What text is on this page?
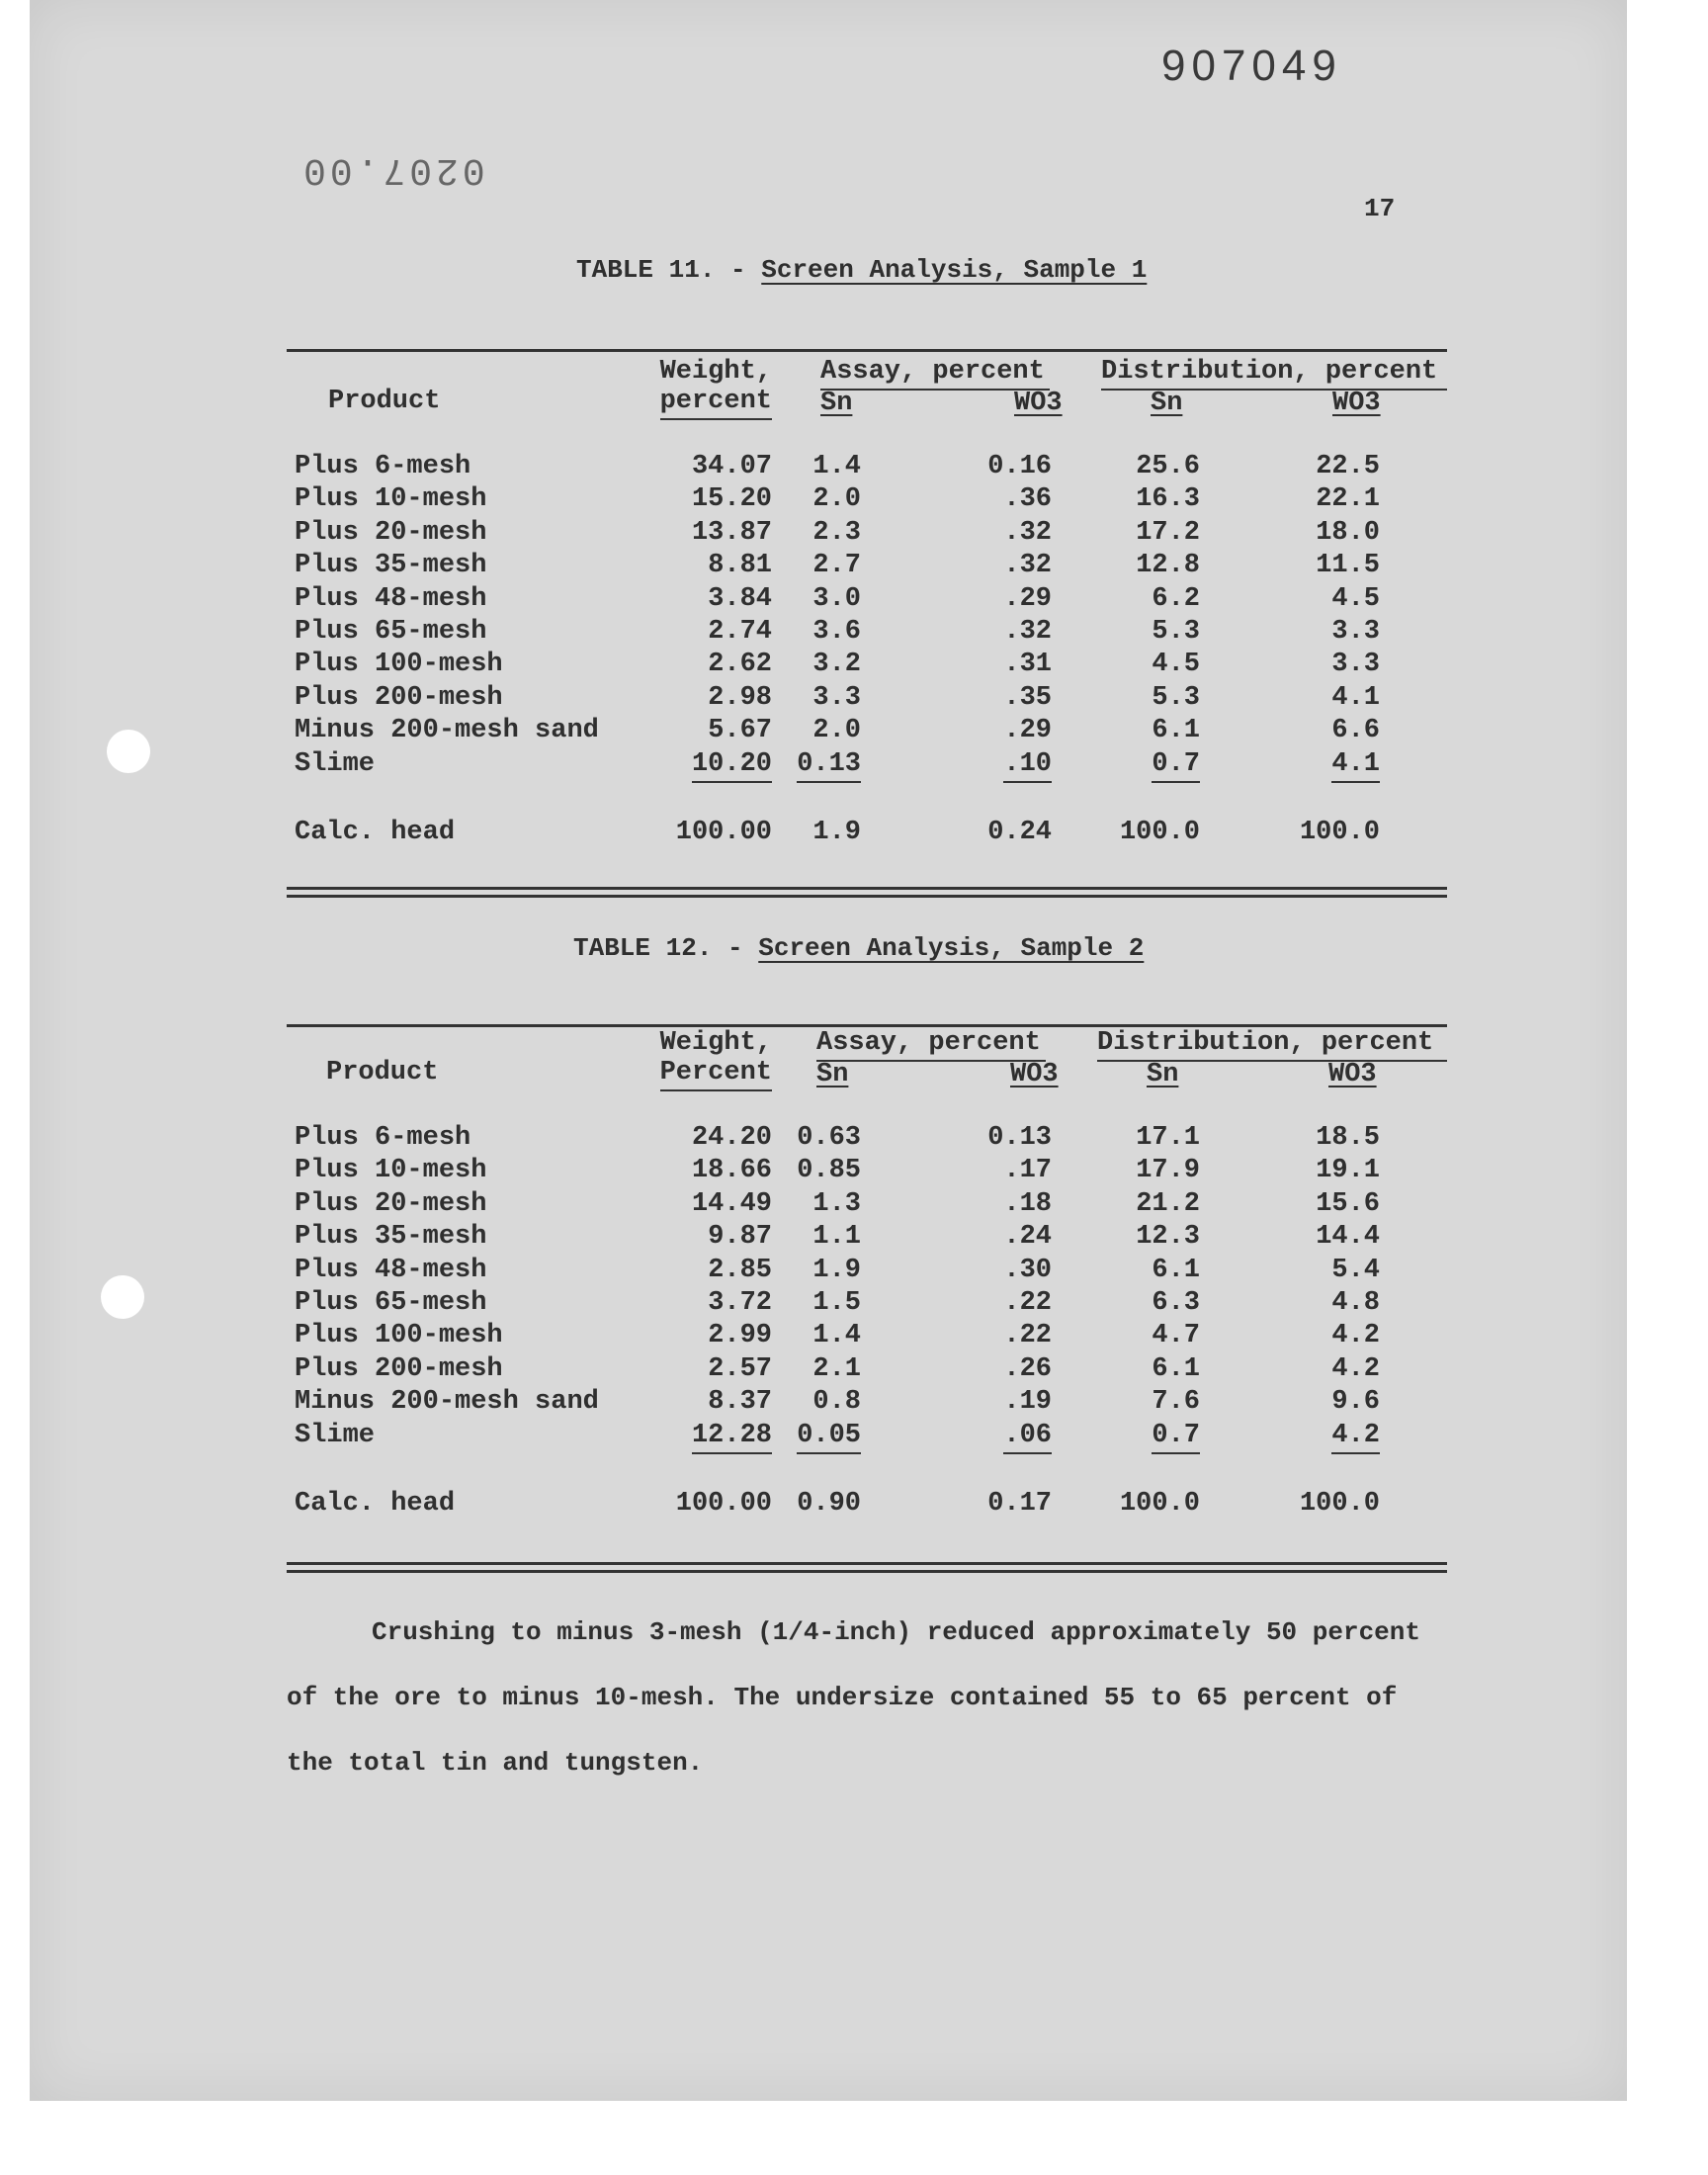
907049
0207.00
17
TABLE 11. - Screen Analysis, Sample 1
Product
Weight,
percent
Assay, percent Distribution, percent
Sn	WO3	Sn	WO3
Plus 6-mesh	34.07 1.4	0.16	25.6	22.5
Plus 10-mesh	15.20 2.0	.36	16.3	22.1
Plus 20-mesh	13.87 2.3	.32	17.2	18.0
Plus 35-mesh	8.81 2.7	.32	12.8	11.5
Plus 48-mesh	3.84 3.0	.29	6.2	4.5
Plus 65-mesh	2.74 3.6	.32	5.3	3.3
Plus 100-mesh	2.62 3.2	.31	4.5	3.3
Plus 200-mesh	2.98 3.3	.35	5.3	4.1
Minus 200-mesh sand	5.67 2.0	.29	6.1	6.6
Slime	10.20 0.13	.10	0.7	4.1
Calc. head	100.00 1.9	0.24	100.0	100.0
TABLE 12. - Screen Analysis, Sample 2
Product
Weight,
Percent
Assay, percent Distribution, percent
Sn	WO3	Sn	WO3
Plus 6-mesh	24.20 0.63	0.13	17.1	18.5
Plus 10-mesh	18.66 0.85	.17	17.9	19.1
Plus 20-mesh	14.49 1.3	.18	21.2	15.6
Plus 35-mesh	9.87 1.1	.24	12.3	14.4
Plus 48-mesh	2.85 1.9	.30	6.1	5.4
Plus 65-mesh	3.72 1.5	.22	6.3	4.8
Plus 100-mesh	2.99 1.4	.22	4.7	4.2
Plus 200-mesh	2.57 2.1	.26	6.1	4.2
Minus 200-mesh sand	8.37 0.8	.19	7.6	9.6
Slime	12.28 0.05	.06	0.7	4.2
Calc. head	100.00 0.90	0.17	100.0	100.0
Crushing to minus 3-mesh (1/4-inch) reduced approximately 50 percent
of the ore to minus 10-mesh. The undersize contained 55 to 65 percent of
the total tin and tungsten.
